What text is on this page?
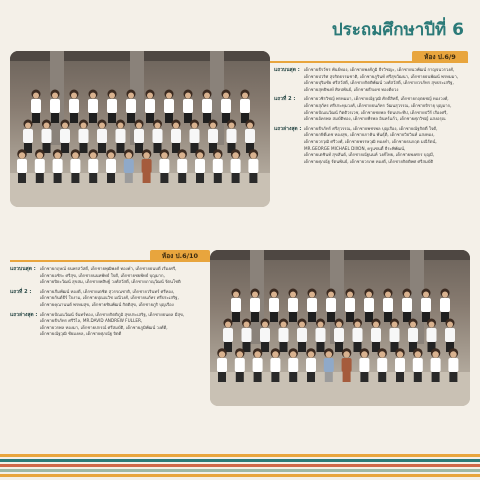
ประถมศึกษาปีที่ 6
ห้อง ป.6/9
แถวบนสุด :	เด็กชายธีรวัชร พันธ์ทอง, เด็กชายพงศ์ภูมิ ธีรวิชญะ, เด็กชายนวพัฒน์ กาญจนวรวงศ์,
เด็กชายปวริศ สุจริตธรรมชาติ, เด็กชายภูรินท์ ศรีสุขวัฒนา, เด็กชายธนพัฒน์ พรหมมา,
เด็กชายปุริมชัย ศรีสวัสดิ์, เด็กชายกิตติพัฒน์ วงศ์สวัสดิ์, เด็กชายวรภัทร สุขประเสริฐ,
เด็กชายสุทธิพงษ์ ศิลปพันธ์, เด็กชายธีรเดช ทองดีดวง
แถวที่ 2 :	เด็กชายวชิรวิชญ์ พรหมมา, เด็กชายณัฐวุฒิ ศักดิ์สิทธิ์, เด็กชายกฤตยชญ์ ทองวงศ์,
เด็กชายสุภัทร ศรีประทุมวงศ์, เด็กชายธนภัทร วัฒนสุวรรณ, เด็กชายจิรายุ บุญมาก,
เด็กชายปัณณวัฒน์ กิตติวรเวช, เด็กชายชยพล รัตนประทีป, เด็กชายปวีร์ เรืองศรี,
เด็กชายอัครพล สมบัติทอง, เด็กชายพีรพล อินทร์แก้ว, เด็กชายศุภวิชญ์ แสงอรุณ
แถวล่างสุด : เด็กชายธีรภัทร์ ศรีสุวรรณ, เด็กชายพชรพล บุญเรือง, เด็กชายณัฐกิตติ์ ใจดี,
เด็กชายกษิดิ์เดช ทองสุข, เด็กชายภาคิน พันธุ์ดี, เด็กชายวิธวินท์ แสงทอง,
เด็กชายวรวุฒิ ศรีวงศ์, เด็กชายพรรษวุฒิ ทองคำ, เด็กชายธนกฤต มณีรัตน์,
MR.GEORGE MICHAEL DIXON, ครูแซนดี้ ธีระพิพัฒน์,
เด็กชายเตชินท์ สุขสันต์, เด็กชายณัฐนนท์ วงศ์ไทย, เด็กชายพงศกร บุญมี,
เด็กชายศุภณัฐ รัตนพันธ์, เด็กชายวรภพ ทองดี, เด็กชายกิตติพศ ศรีสมบัติ
ห้อง ป.6/10
แถวบนสุด :	เด็กชายกฤษณ์ ธนพรสวัสดิ์, เด็กชายพุฒิพงศ์ ทองคำ, เด็กชายธนบดี เรืองศรี,
เด็กชายอชิระ ศรีสุข, เด็กชายนนทพัทธ์ ใจดี, เด็กชายชยพัทธ์ บุญมาก,
เด็กชายปิยะวัฒน์ สุขสม, เด็กชายพสิษฐ์ วงศ์สวัสดิ์, เด็กชายภาณุวัฒน์ รัตนโชติ
แถวที่ 2 :	เด็กชายภีมพัฒน์ ทองดี, เด็กชายเตชิต สุวรรณชาติ, เด็กชายวรินทร์ ศรีทอง,
เด็กชายกันต์ธีร์ ใจงาม, เด็กชายปุณณวิช มณีวงศ์, เด็กชายนภัทร ศรีประเสริฐ,
เด็กชายคุณานนต์ พรหมสุข, เด็กชายชินพัฒน์ กิตติสุข, เด็กชายภูริ บุญเรือง
แถวล่างสุด : เด็กชายปัณณวัฒน์ จันทร์ทอง, เด็กชายกิตติภูมิ สุขประเสริฐ, เด็กชายธนดล มีสุข,
เด็กชายธีรภัทร ศรีวิไล, MR.DAVID ANDREW FULLER,
เด็กชายวรพล ทองมา, เด็กชายปกรณ์ ศรีสมบัติ, เด็กชายภูมิพัฒน์ วงศ์ดี,
เด็กชายณัฐวุฒิ ชัยมงคล, เด็กชายศุภณัฐ จิตดี
